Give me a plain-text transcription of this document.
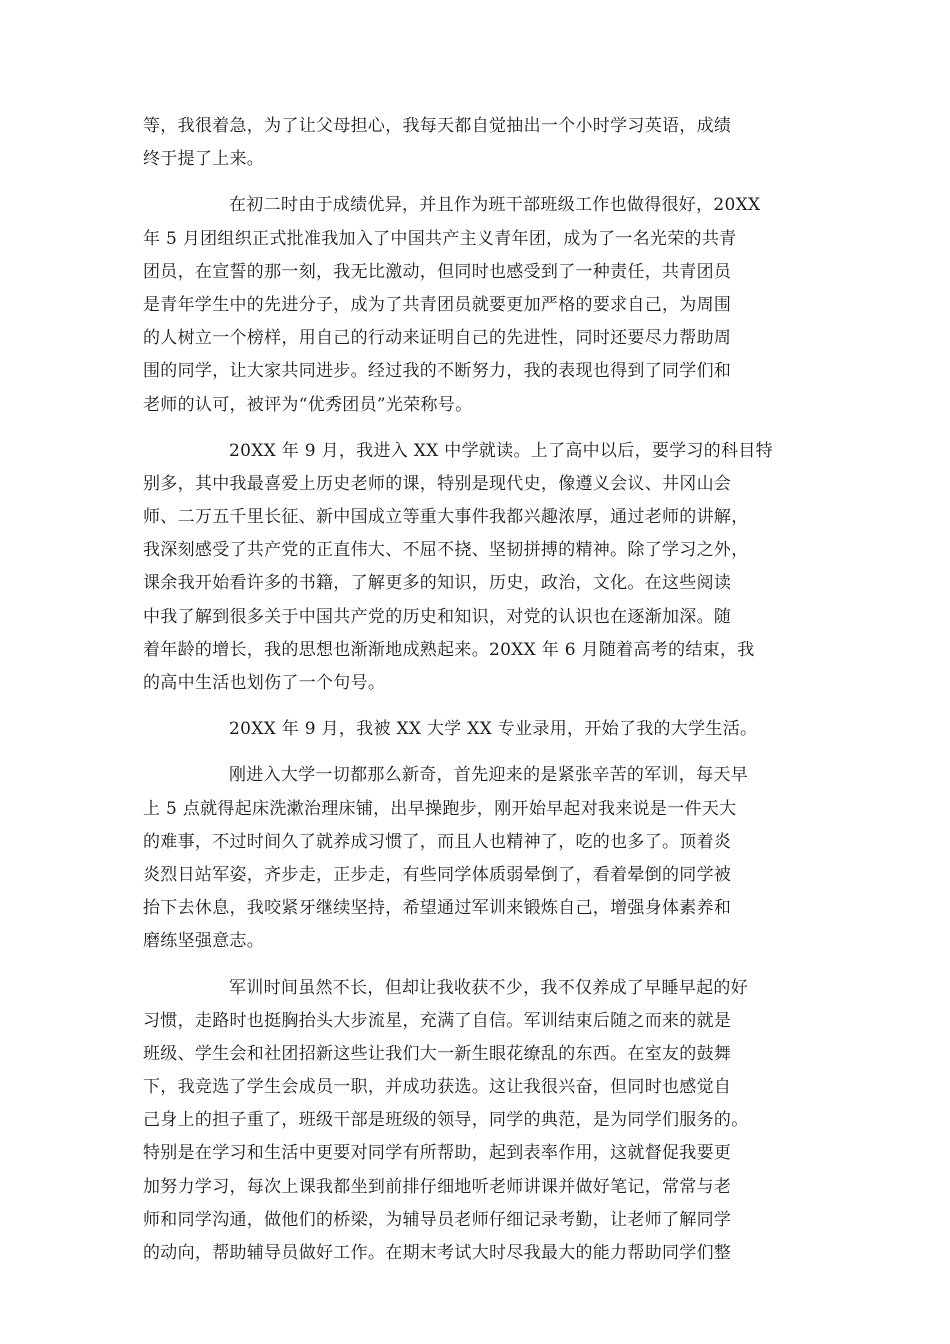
等，我很着急，为了让父母担心，我每天都自觉抽出一个小时学习英语，成绩
终于提了上来。
在初二时由于成绩优异，并且作为班干部班级工作也做得很好，20XX
年 5 月团组织正式批准我加入了中国共产主义青年团，成为了一名光荣的共青
团员，在宣誓的那一刻，我无比激动，但同时也感受到了一种责任，共青团员
是青年学生中的先进分子，成为了共青团员就要更加严格的要求自己，为周围
的人树立一个榜样，用自己的行动来证明自己的先进性，同时还要尽力帮助周
围的同学，让大家共同进步。经过我的不断努力，我的表现也得到了同学们和
老师的认可，被评为“优秀团员”光荣称号。
20XX 年 9 月，我进入 XX 中学就读。上了高中以后，要学习的科目特
别多，其中我最喜爱上历史老师的课，特别是现代史，像遵义会议、井冈山会
师、二万五千里长征、新中国成立等重大事件我都兴趣浓厚，通过老师的讲解，
我深刻感受了共产党的正直伟大、不屈不挠、坚韧拼搏的精神。除了学习之外，
课余我开始看许多的书籍，了解更多的知识，历史，政治，文化。在这些阅读
中我了解到很多关于中国共产党的历史和知识，对党的认识也在逐渐加深。随
着年龄的增长，我的思想也渐渐地成熟起来。20XX 年 6 月随着高考的结束，我
的高中生活也划伤了一个句号。
20XX 年 9 月，我被 XX 大学 XX 专业录用，开始了我的大学生活。
刚进入大学一切都那么新奇，首先迎来的是紧张辛苦的军训，每天早
上 5 点就得起床洗漱治理床铺，出早操跑步，刚开始早起对我来说是一件天大
的难事，不过时间久了就养成习惯了，而且人也精神了，吃的也多了。顶着炎
炎烈日站军姿，齐步走，正步走，有些同学体质弱晕倒了，看着晕倒的同学被
抬下去休息，我咬紧牙继续坚持，希望通过军训来锻炼自己，增强身体素养和
磨练坚强意志。
军训时间虽然不长，但却让我收获不少，我不仅养成了早睡早起的好
习惯，走路时也挺胸抬头大步流星，充满了自信。军训结束后随之而来的就是
班级、学生会和社团招新这些让我们大一新生眼花缭乱的东西。在室友的鼓舞
下，我竞选了学生会成员一职，并成功获选。这让我很兴奋，但同时也感觉自
己身上的担子重了，班级干部是班级的领导，同学的典范，是为同学们服务的。
特别是在学习和生活中更要对同学有所帮助，起到表率作用，这就督促我要更
加努力学习，每次上课我都坐到前排仔细地听老师讲课并做好笔记，常常与老
师和同学沟通，做他们的桥梁，为辅导员老师仔细记录考勤，让老师了解同学
的动向，帮助辅导员做好工作。在期末考试大时尽我最大的能力帮助同学们整
